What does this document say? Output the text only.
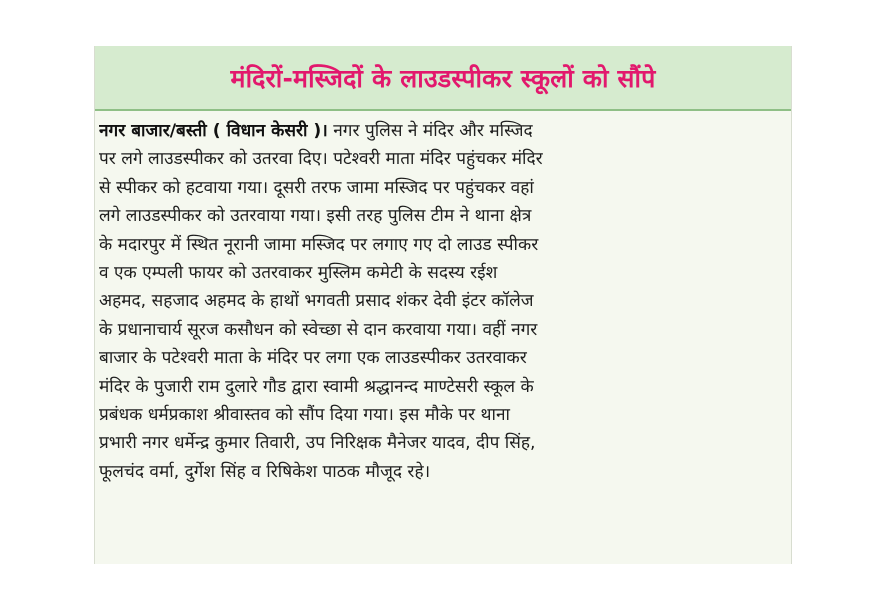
मंदिरों-मस्जिदों के लाउडस्पीकर स्कूलों को सौंपे
नगर बाजार/बस्ती ( विधान केसरी )। नगर पुलिस ने मंदिर और मस्जिद
पर लगे लाउडस्पीकर को उतरवा दिए। पटेश्वरी माता मंदिर पहुंचकर मंदिर
से स्पीकर को हटवाया गया। दूसरी तरफ जामा मस्जिद पर पहुंचकर वहां
लगे लाउडस्पीकर को उतरवाया गया। इसी तरह पुलिस टीम ने थाना क्षेत्र
के मदारपुर में स्थित नूरानी जामा मस्जिद पर लगाए गए दो लाउड स्पीकर
व एक एम्पली फायर को उतरवाकर मुस्लिम कमेटी के सदस्य रईश
अहमद, सहजाद अहमद के हाथों भगवती प्रसाद शंकर देवी इंटर कॉलेज
के प्रधानाचार्य सूरज कसौधन को स्वेच्छा से दान करवाया गया। वहीं नगर
बाजार के पटेश्वरी माता के मंदिर पर लगा एक लाउडस्पीकर उतरवाकर
मंदिर के पुजारी राम दुलारे गौड द्वारा स्वामी श्रद्धानन्द माण्टेसरी स्कूल के
प्रबंधक धर्मप्रकाश श्रीवास्तव को सौंप दिया गया। इस मौके पर थाना
प्रभारी नगर धर्मेन्द्र कुमार तिवारी, उप निरिक्षक मैनेजर यादव, दीप सिंह,
फूलचंद वर्मा, दुर्गेश सिंह व रिषिकेश पाठक मौजूद रहे।
